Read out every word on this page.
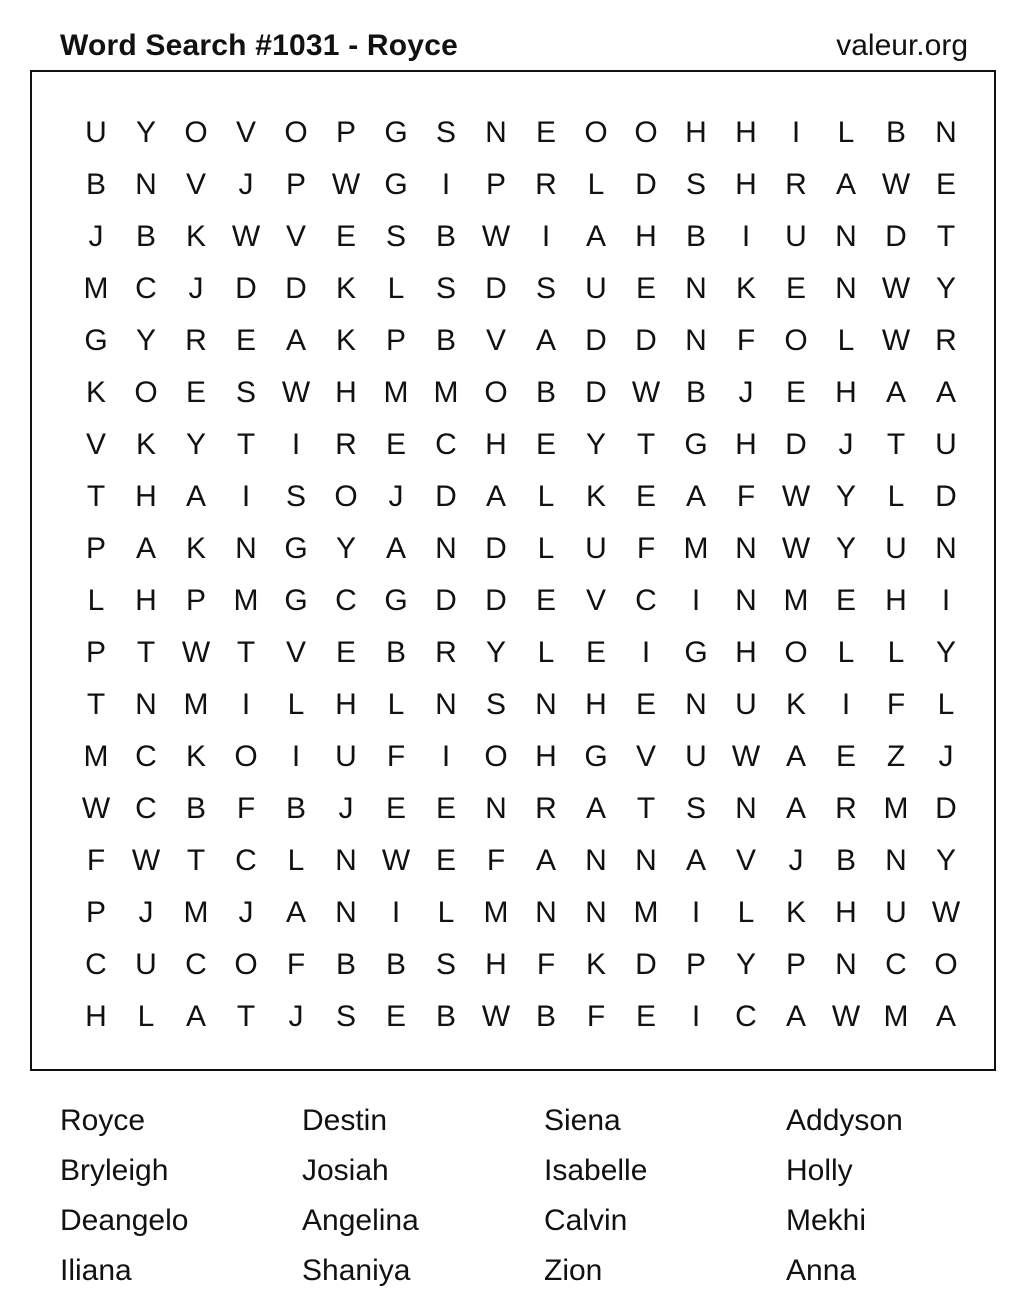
Word Search #1031 - Royce	valeur.org
U Y O V O P G S N E O O H H	I	L	B N
B N V	J	P W G	I	P R	L	D S H R A W E
J	B K W V E S B W	I	A H B	I	U N D	T
M C	J	D D K	L	S D S U E N K E N W Y
G Y R E A K P B V A D D N	F O L W R
K O E S W H M M O B D W B	J	E H A A
V K Y	T	I	R E C H E Y	T G H D	J	T	U
T	H A	I	S O	J	D A	L	K E A	F W Y	L	D
P A K N G Y A N D	L	U	F M N W Y U N
L	H P M G C G D D E V C	I	N M E H	I
P	T W T	V E B R Y	L	E	I	G H O L	L	Y
T	N M	I	L	H	L	N S N H E N U K	I	F	L
M C K O	I	U	F	I	O H G V U W A E	Z	J
W C B	F	B	J	E E N R A	T	S N A R M D
F W T	C	L	N W E	F	A N N A V	J	B N Y
P	J	M	J	A N	I	L M N N M	I	L	K H U W
C U C O F	B B S H	F	K D P Y P N C O
H	L	A	T	J	S E B W B	F	E	I	C A W M A
Royce	Destin	Siena	Addyson
Bryleigh	Josiah	Isabelle	Holly
Deangelo	Angelina	Calvin	Mekhi
Iliana	Shaniya	Zion	Anna
